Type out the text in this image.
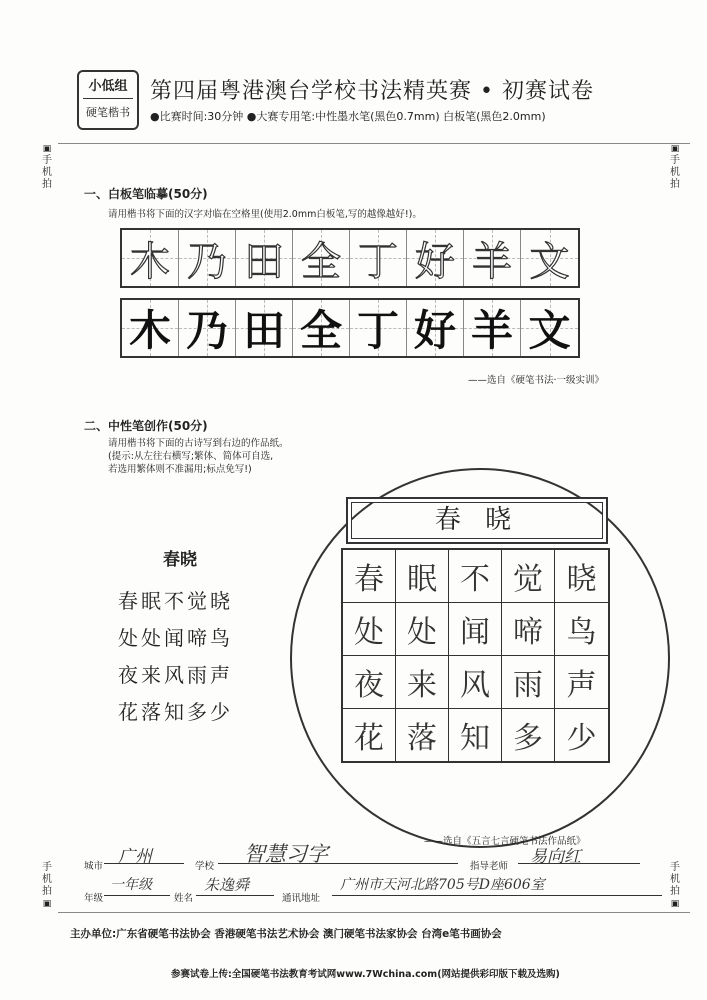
小低组
硬笔楷书
第四届粤港澳台学校书法精英赛 • 初赛试卷
●比赛时间:30分钟 ●大赛专用笔:中性墨水笔(黑色0.7mm) 白板笔(黑色2.0mm)
▣
手
机
拍
▣
手
机
拍
手
机
拍
▣
手
机
拍
▣
一、白板笔临摹(50分)
请用楷书将下面的汉字对临在空格里(使用2.0mm白板笔,写的越像越好!)。
木 乃 田 全 丁 好 羊 文
木 乃 田 全 丁 好 羊 文
——选自《硬笔书法·一级实训》
二、中性笔创作(50分)
请用楷书将下面的古诗写到右边的作品纸。
(提示:从左往右横写;繁体、简体可自选,
若选用繁体则不准漏用;标点免写!)
春晓
春眠不觉晓
处处闻啼鸟
夜来风雨声
花落知多少
春 晓
春 眠 不 觉 晓
处 处 闻 啼 鸟
夜 来 风 雨 声
花 落 知 多 少
——选自《五言七言硬笔书法作品纸》
城市 广州	学校
智慧习字
指导老师	易向红
年级
一年级
姓名
朱逸舜
通讯地址
广州市天河北路705号D座606室
主办单位:广东省硬笔书法协会 香港硬笔书法艺术协会 澳门硬笔书法家协会 台湾e笔书画协会
参赛试卷上传:全国硬笔书法教育考试网www.7Wchina.com(网站提供彩印版下载及选购)
